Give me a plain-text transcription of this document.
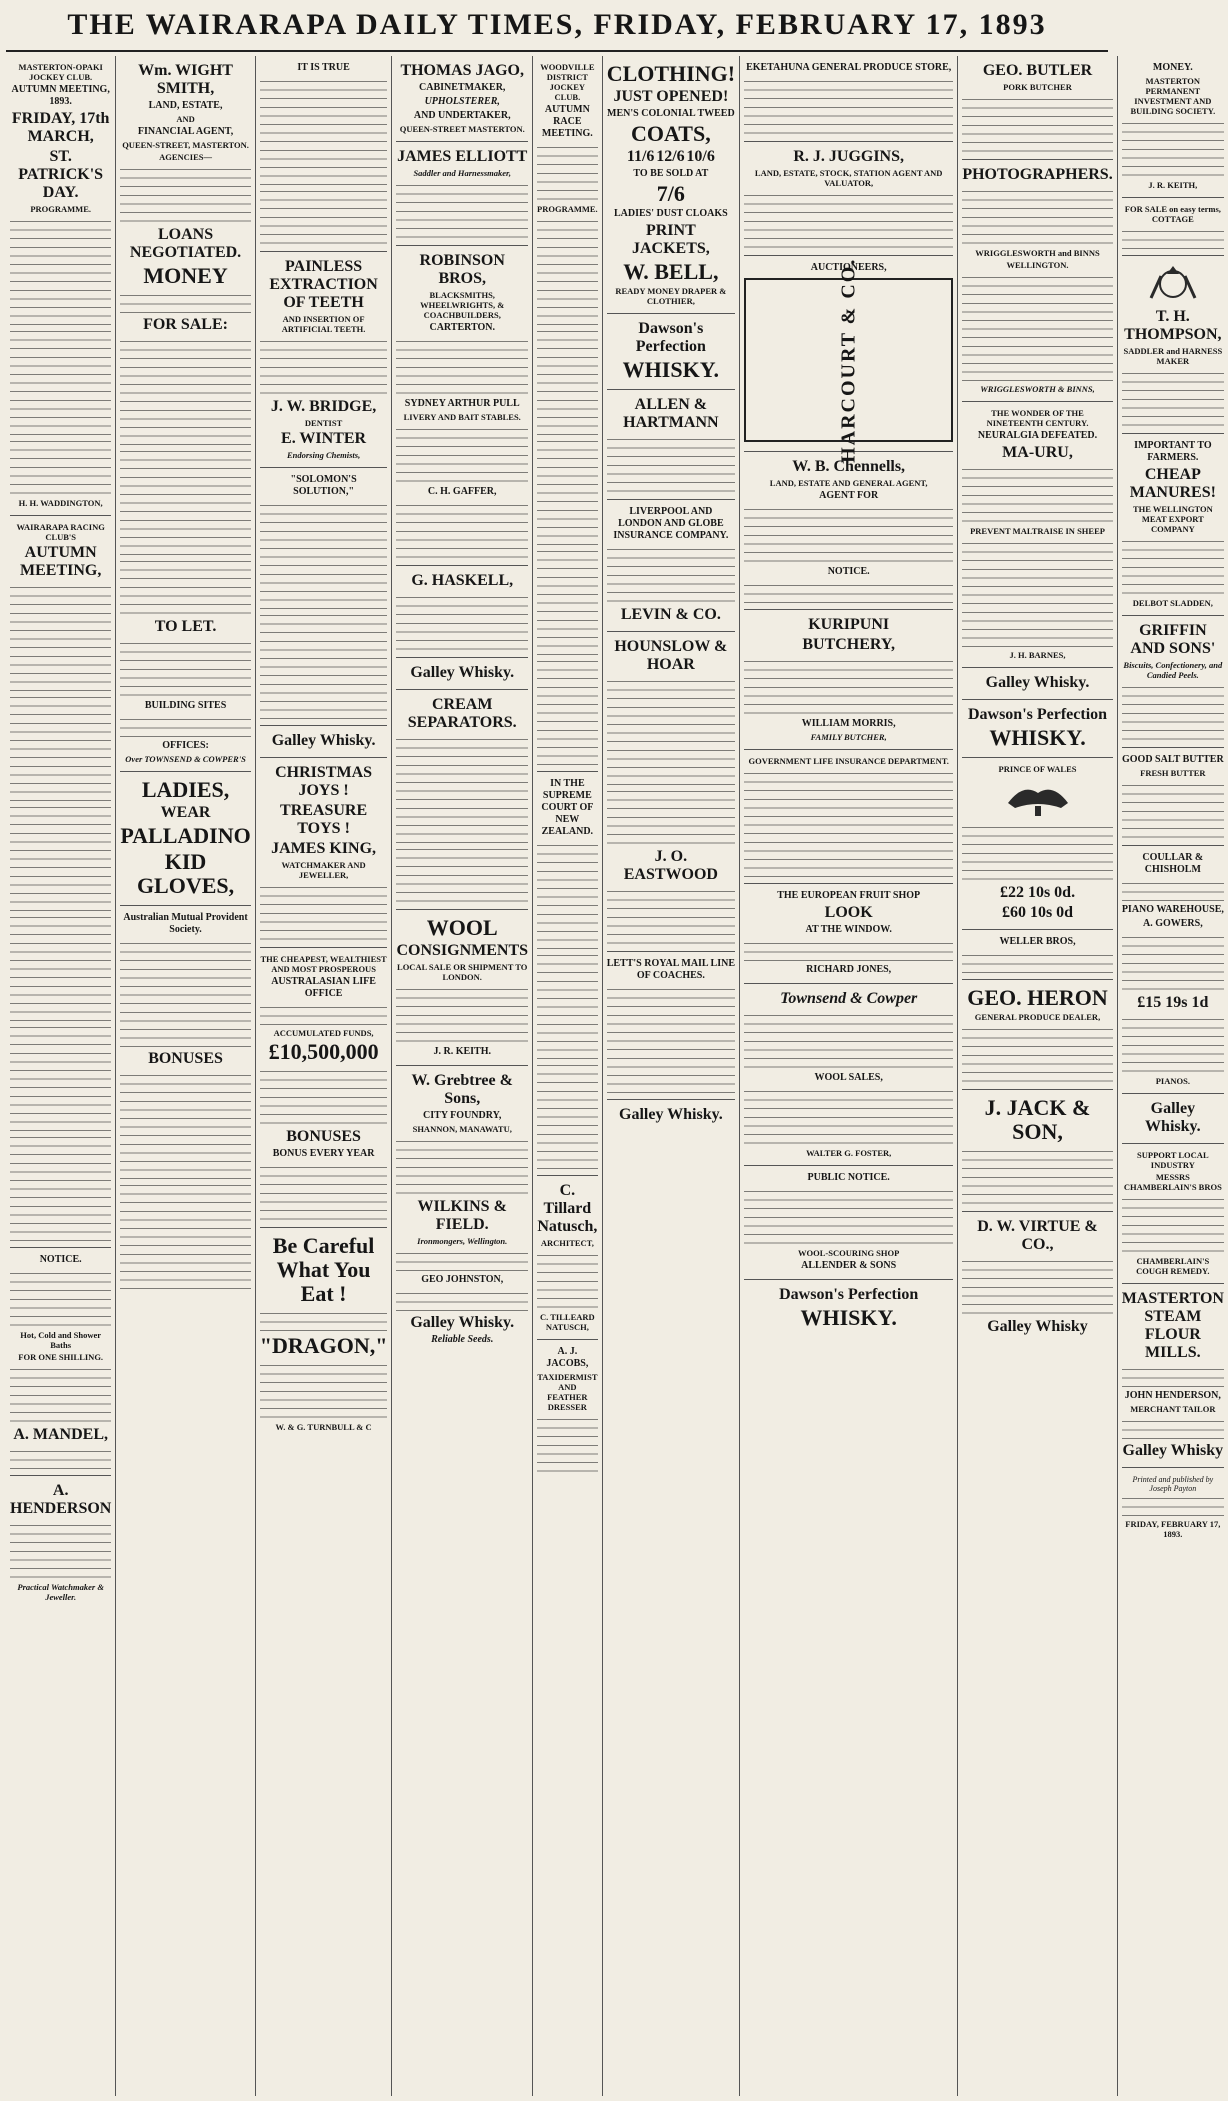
THE WAIRARAPA DAILY TIMES, FRIDAY, FEBRUARY 17, 1893
MASTERTON-OPAKI JOCKEY CLUB.
AUTUMN MEETING, 1893.
FRIDAY, 17th MARCH,
ST. PATRICK'S DAY.
PROGRAMME.
H. H. WADDINGTON,
WAIRARAPA RACING CLUB'S
AUTUMN MEETING,
NOTICE.
Hot, Cold and Shower Baths
FOR ONE SHILLING.
A. MANDEL,
A. HENDERSON
Practical Watchmaker & Jeweller.
Wm. WIGHT SMITH,
LAND, ESTATE,
AND
FINANCIAL AGENT,
QUEEN-STREET, MASTERTON.
AGENCIES—
LOANS NEGOTIATED.
MONEY
FOR SALE:
TO LET.
BUILDING SITES
OFFICES:
Over TOWNSEND & COWPER'S
LADIES,
WEAR
PALLADINO
KID GLOVES,
Australian Mutual Provident Society.
BONUSES
IT IS TRUE
PAINLESS EXTRACTION OF TEETH
AND INSERTION OF ARTIFICIAL TEETH.
J. W. BRIDGE,
DENTIST
E. WINTER
Endorsing Chemists,
"SOLOMON'S SOLUTION,"
Galley Whisky.
CHRISTMAS JOYS !
TREASURE TOYS !
JAMES KING,
WATCHMAKER AND JEWELLER,
THE CHEAPEST, WEALTHIEST AND MOST PROSPEROUS
AUSTRALASIAN LIFE OFFICE
ACCUMULATED FUNDS,
£10,500,000
BONUSES
BONUS EVERY YEAR
Be Careful What You Eat !
"DRAGON,"
W. & G. TURNBULL & C
THOMAS JAGO,
CABINETMAKER,
UPHOLSTERER,
AND UNDERTAKER,
QUEEN-STREET MASTERTON.
JAMES ELLIOTT
Saddler and Harnessmaker,
ROBINSON BROS,
BLACKSMITHS, WHEELWRIGHTS, & COACHBUILDERS,
CARTERTON.
SYDNEY ARTHUR PULL
LIVERY AND BAIT STABLES.
C. H. GAFFER,
G. HASKELL,
Galley Whisky.
CREAM SEPARATORS.
WOOL
CONSIGNMENTS
LOCAL SALE OR SHIPMENT TO LONDON.
J. R. KEITH.
W. Grebtree & Sons,
CITY FOUNDRY,
SHANNON, MANAWATU,
WILKINS & FIELD.
Ironmongers, Wellington.
GEO JOHNSTON,
Galley Whisky.
Reliable Seeds.
WOODVILLE DISTRICT JOCKEY CLUB.
AUTUMN RACE MEETING.
PROGRAMME.
IN THE SUPREME COURT OF NEW ZEALAND.
C. Tillard Natusch,
ARCHITECT,
C. TILLEARD NATUSCH,
A. J. JACOBS,
TAXIDERMIST AND FEATHER DRESSER
CLOTHING!
JUST OPENED!
MEN'S COLONIAL TWEED
COATS,
11/6 12/6 10/6
TO BE SOLD AT
7/6
LADIES' DUST CLOAKS
PRINT JACKETS,
W. BELL,
READY MONEY DRAPER & CLOTHIER,
Dawson's Perfection
WHISKY.
ALLEN & HARTMANN
LIVERPOOL AND LONDON AND GLOBE INSURANCE COMPANY.
LEVIN & CO.
HOUNSLOW & HOAR
J. O. EASTWOOD
LETT'S ROYAL MAIL LINE OF COACHES.
Galley Whisky.
EKETAHUNA GENERAL PRODUCE STORE,
R. J. JUGGINS,
LAND, ESTATE, STOCK, STATION AGENT AND VALUATOR,
AUCTIONEERS,
HARCOURT & CO.
W. B. Chennells,
LAND, ESTATE AND GENERAL AGENT,
AGENT FOR
NOTICE.
KURIPUNI
BUTCHERY,
WILLIAM MORRIS,
FAMILY BUTCHER,
GOVERNMENT LIFE INSURANCE DEPARTMENT.
THE EUROPEAN FRUIT SHOP
LOOK
AT THE WINDOW.
RICHARD JONES,
Townsend & Cowper
WOOL SALES,
WALTER G. FOSTER,
PUBLIC NOTICE.
WOOL-SCOURING SHOP
ALLENDER & SONS
Dawson's Perfection
WHISKY.
GEO. BUTLER
PORK BUTCHER
PHOTOGRAPHERS.
WRIGGLESWORTH and BINNS
WELLINGTON.
WRIGGLESWORTH & BINNS,
THE WONDER OF THE NINETEENTH CENTURY.
NEURALGIA DEFEATED.
MA-URU,
PREVENT MALTRAISE IN SHEEP
J. H. BARNES,
Galley Whisky.
Dawson's Perfection
WHISKY.
PRINCE OF WALES
£22 10s 0d.
£60 10s 0d
WELLER BROS,
GEO. HERON
GENERAL PRODUCE DEALER,
J. JACK & SON,
D. W. VIRTUE & CO.,
Galley Whisky
MONEY.
MASTERTON PERMANENT INVESTMENT AND BUILDING SOCIETY.
J. R. KEITH,
FOR SALE on easy terms, COTTAGE
T. H. THOMPSON,
SADDLER and HARNESS MAKER
IMPORTANT TO FARMERS.
CHEAP MANURES!
THE WELLINGTON MEAT EXPORT COMPANY
DELBOT SLADDEN,
GRIFFIN AND SONS'
Biscuits, Confectionery, and Candied Peels.
GOOD SALT BUTTER
FRESH BUTTER
COULLAR & CHISHOLM
PIANO WAREHOUSE,
A. GOWERS,
£15 19s 1d
PIANOS.
Galley Whisky.
SUPPORT LOCAL INDUSTRY
MESSRS CHAMBERLAIN'S BROS
CHAMBERLAIN'S COUGH REMEDY.
MASTERTON STEAM FLOUR MILLS.
JOHN HENDERSON,
MERCHANT TAILOR
Galley Whisky
Printed and published by Joseph Payton
FRIDAY, FEBRUARY 17, 1893.
